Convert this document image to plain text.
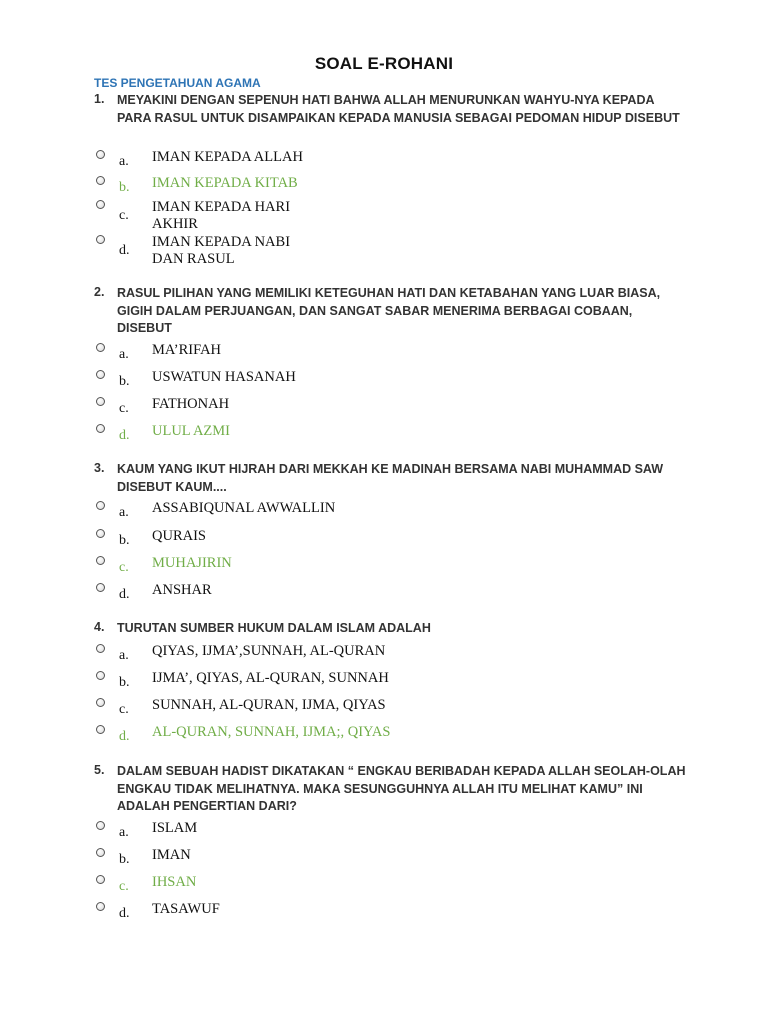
SOAL E-ROHANI
TES PENGETAHUAN AGAMA
1. MEYAKINI DENGAN SEPENUH HATI BAHWA ALLAH MENURUNKAN WAHYU-NYA KEPADA PARA RASUL UNTUK DISAMPAIKAN KEPADA MANUSIA SEBAGAI PEDOMAN HIDUP DISEBUT
a. IMAN KEPADA ALLAH
b. IMAN KEPADA KITAB
c.
IMAN KEPADA HARI AKHIR
d.
IMAN KEPADA NABI DAN RASUL
2. RASUL PILIHAN YANG MEMILIKI KETEGUHAN HATI DAN KETABAHAN YANG LUAR BIASA, GIGIH DALAM PERJUANGAN, DAN SANGAT SABAR MENERIMA BERBAGAI COBAAN, DISEBUT
a. MA’RIFAH
b. USWATUN HASANAH
c. FATHONAH
d. ULUL AZMI
3. KAUM YANG IKUT HIJRAH DARI MEKKAH KE MADINAH BERSAMA NABI MUHAMMAD SAW DISEBUT KAUM....
a. ASSABIQUNAL AWWALLIN
b. QURAIS
c. MUHAJIRIN
d. ANSHAR
4. TURUTAN SUMBER HUKUM DALAM ISLAM ADALAH
a. QIYAS, IJMA’,SUNNAH, AL-QURAN
b. IJMA’, QIYAS, AL-QURAN, SUNNAH
c. SUNNAH, AL-QURAN, IJMA, QIYAS
d. AL-QURAN, SUNNAH, IJMA;, QIYAS
5. DALAM SEBUAH HADIST DIKATAKAN “ ENGKAU BERIBADAH KEPADA ALLAH SEOLAH-OLAH ENGKAU TIDAK MELIHATNYA. MAKA SESUNGGUHNYA ALLAH ITU MELIHAT KAMU” INI ADALAH PENGERTIAN DARI?
a. ISLAM
b. IMAN
c. IHSAN
d. TASAWUF
